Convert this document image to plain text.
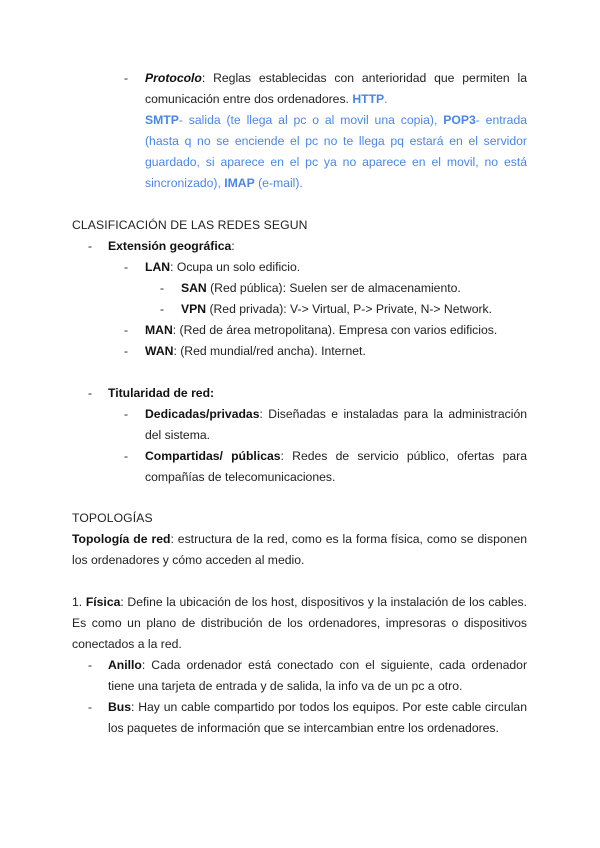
- Protocolo: Reglas establecidas con anterioridad que permiten la comunicación entre dos ordenadores. HTTP.
SMTP- salida (te llega al pc o al movil una copia), POP3- entrada (hasta q no se enciende el pc no te llega pq estará en el servidor guardado, si aparece en el pc ya no aparece en el movil, no está sincronizado), IMAP (e-mail).
CLASIFICACIÓN DE LAS REDES SEGUN
- Extensión geográfica:
- LAN: Ocupa un solo edificio.
- SAN (Red pública): Suelen ser de almacenamiento.
- VPN (Red privada): V-> Virtual, P-> Private, N-> Network.
- MAN: (Red de área metropolitana). Empresa con varios edificios.
- WAN: (Red mundial/red ancha). Internet.
- Titularidad de red:
- Dedicadas/privadas: Diseñadas e instaladas para la administración del sistema.
- Compartidas/ públicas: Redes de servicio público, ofertas para compañías de telecomunicaciones.
TOPOLOGÍAS
Topología de red: estructura de la red, como es la forma física, como se disponen los ordenadores y cómo acceden al medio.
1. Física: Define la ubicación de los host, dispositivos y la instalación de los cables. Es como un plano de distribución de los ordenadores, impresoras o dispositivos conectados a la red.
- Anillo: Cada ordenador está conectado con el siguiente, cada ordenador tiene una tarjeta de entrada y de salida, la info va de un pc a otro.
- Bus: Hay un cable compartido por todos los equipos. Por este cable circulan los paquetes de información que se intercambian entre los ordenadores.
